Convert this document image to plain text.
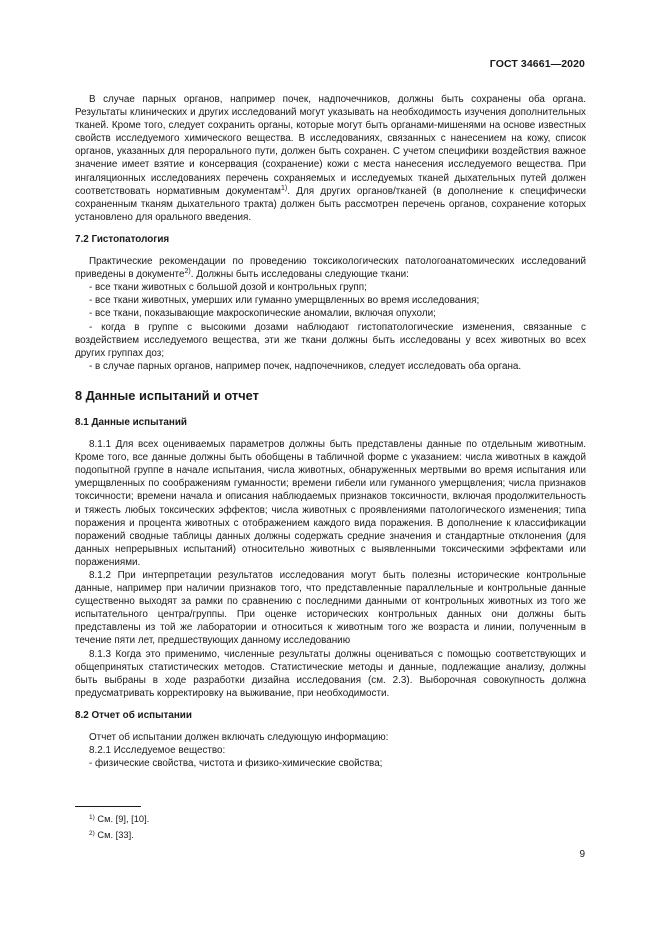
ГОСТ 34661—2020

В случае парных органов, например почек, надпочечников, должны быть сохранены оба органа. Результаты клинических и других исследований могут указывать на необходимость изучения дополнительных тканей. Кроме того, следует сохранить органы, которые могут быть органами-мишенями на основе известных свойств исследуемого химического вещества. В исследованиях, связанных с нанесением на кожу, список органов, указанных для перорального пути, должен быть сохранен. С учетом специфики воздействия важное значение имеет взятие и консервация (сохранение) кожи с места нанесения исследуемого вещества. При ингаляционных исследованиях перечень сохраняемых и исследуемых тканей дыхательных путей должен соответствовать нормативным документам$^{1)}$. Для других органов/тканей (в дополнение к специфически сохраненным тканям дыхательного тракта) должен быть рассмотрен перечень органов, сохранение которых установлено для орального введения.

7.2 Гистопатология

Практические рекомендации по проведению токсикологических патологоанатомических исследований приведены в документе$^{2)}$. Должны быть исследованы следующие ткани:

- все ткани животных с большой дозой и контрольных групп;

- все ткани животных, умерших или гуманно умерщвленных во время исследования;

- все ткани, показывающие макроскопические аномалии, включая опухоли;

- когда в группе с высокими дозами наблюдают гистопатологические изменения, связанные с воздействием исследуемого вещества, эти же ткани должны быть исследованы у всех животных во всех других группах доз;

- в случае парных органов, например почек, надпочечников, следует исследовать оба органа.

8 Данные испытаний и отчет

8.1 Данные испытаний

8.1.1 Для всех оцениваемых параметров должны быть представлены данные по отдельным животным. Кроме того, все данные должны быть обобщены в табличной форме с указанием: числа животных в каждой подопытной группе в начале испытания, числа животных, обнаруженных мертвыми во время испытания или умерщвленных по соображениям гуманности; времени гибели или гуманного умерщвления; числа признаков токсичности; времени начала и описания наблюдаемых признаков токсичности, включая продолжительность и тяжесть любых токсических эффектов; числа животных с проявлениями патологического изменения; типа поражения и процента животных с отображением каждого вида поражения. В дополнение к классификации поражений сводные таблицы данных должны содержать средние значения и стандартные отклонения (для данных непрерывных испытаний) относительно животных с выявленными токсическими эффектами или поражениями.

8.1.2 При интерпретации результатов исследования могут быть полезны исторические контрольные данные, например при наличии признаков того, что представленные параллельные и контрольные данные существенно выходят за рамки по сравнению с последними данными от контрольных животных из того же испытательного центра/группы. При оценке исторических контрольных данных они должны быть представлены из той же лаборатории и относиться к животным того же возраста и линии, полученным в течение пяти лет, предшествующих данному исследованию

8.1.3 Когда это применимо, численные результаты должны оцениваться с помощью соответствующих и общепринятых статистических методов. Статистические методы и данные, подлежащие анализу, должны быть выбраны в ходе разработки дизайна исследования (см. 2.3). Выборочная совокупность должна предусматривать корректировку на выживание, при необходимости.

8.2 Отчет об испытании

Отчет об испытании должен включать следующую информацию:

8.2.1 Исследуемое вещество:

- физические свойства, чистота и физико-химические свойства;

$^{1)}$ См. [9], [10].
$^{2)}$ См. [33].
9
